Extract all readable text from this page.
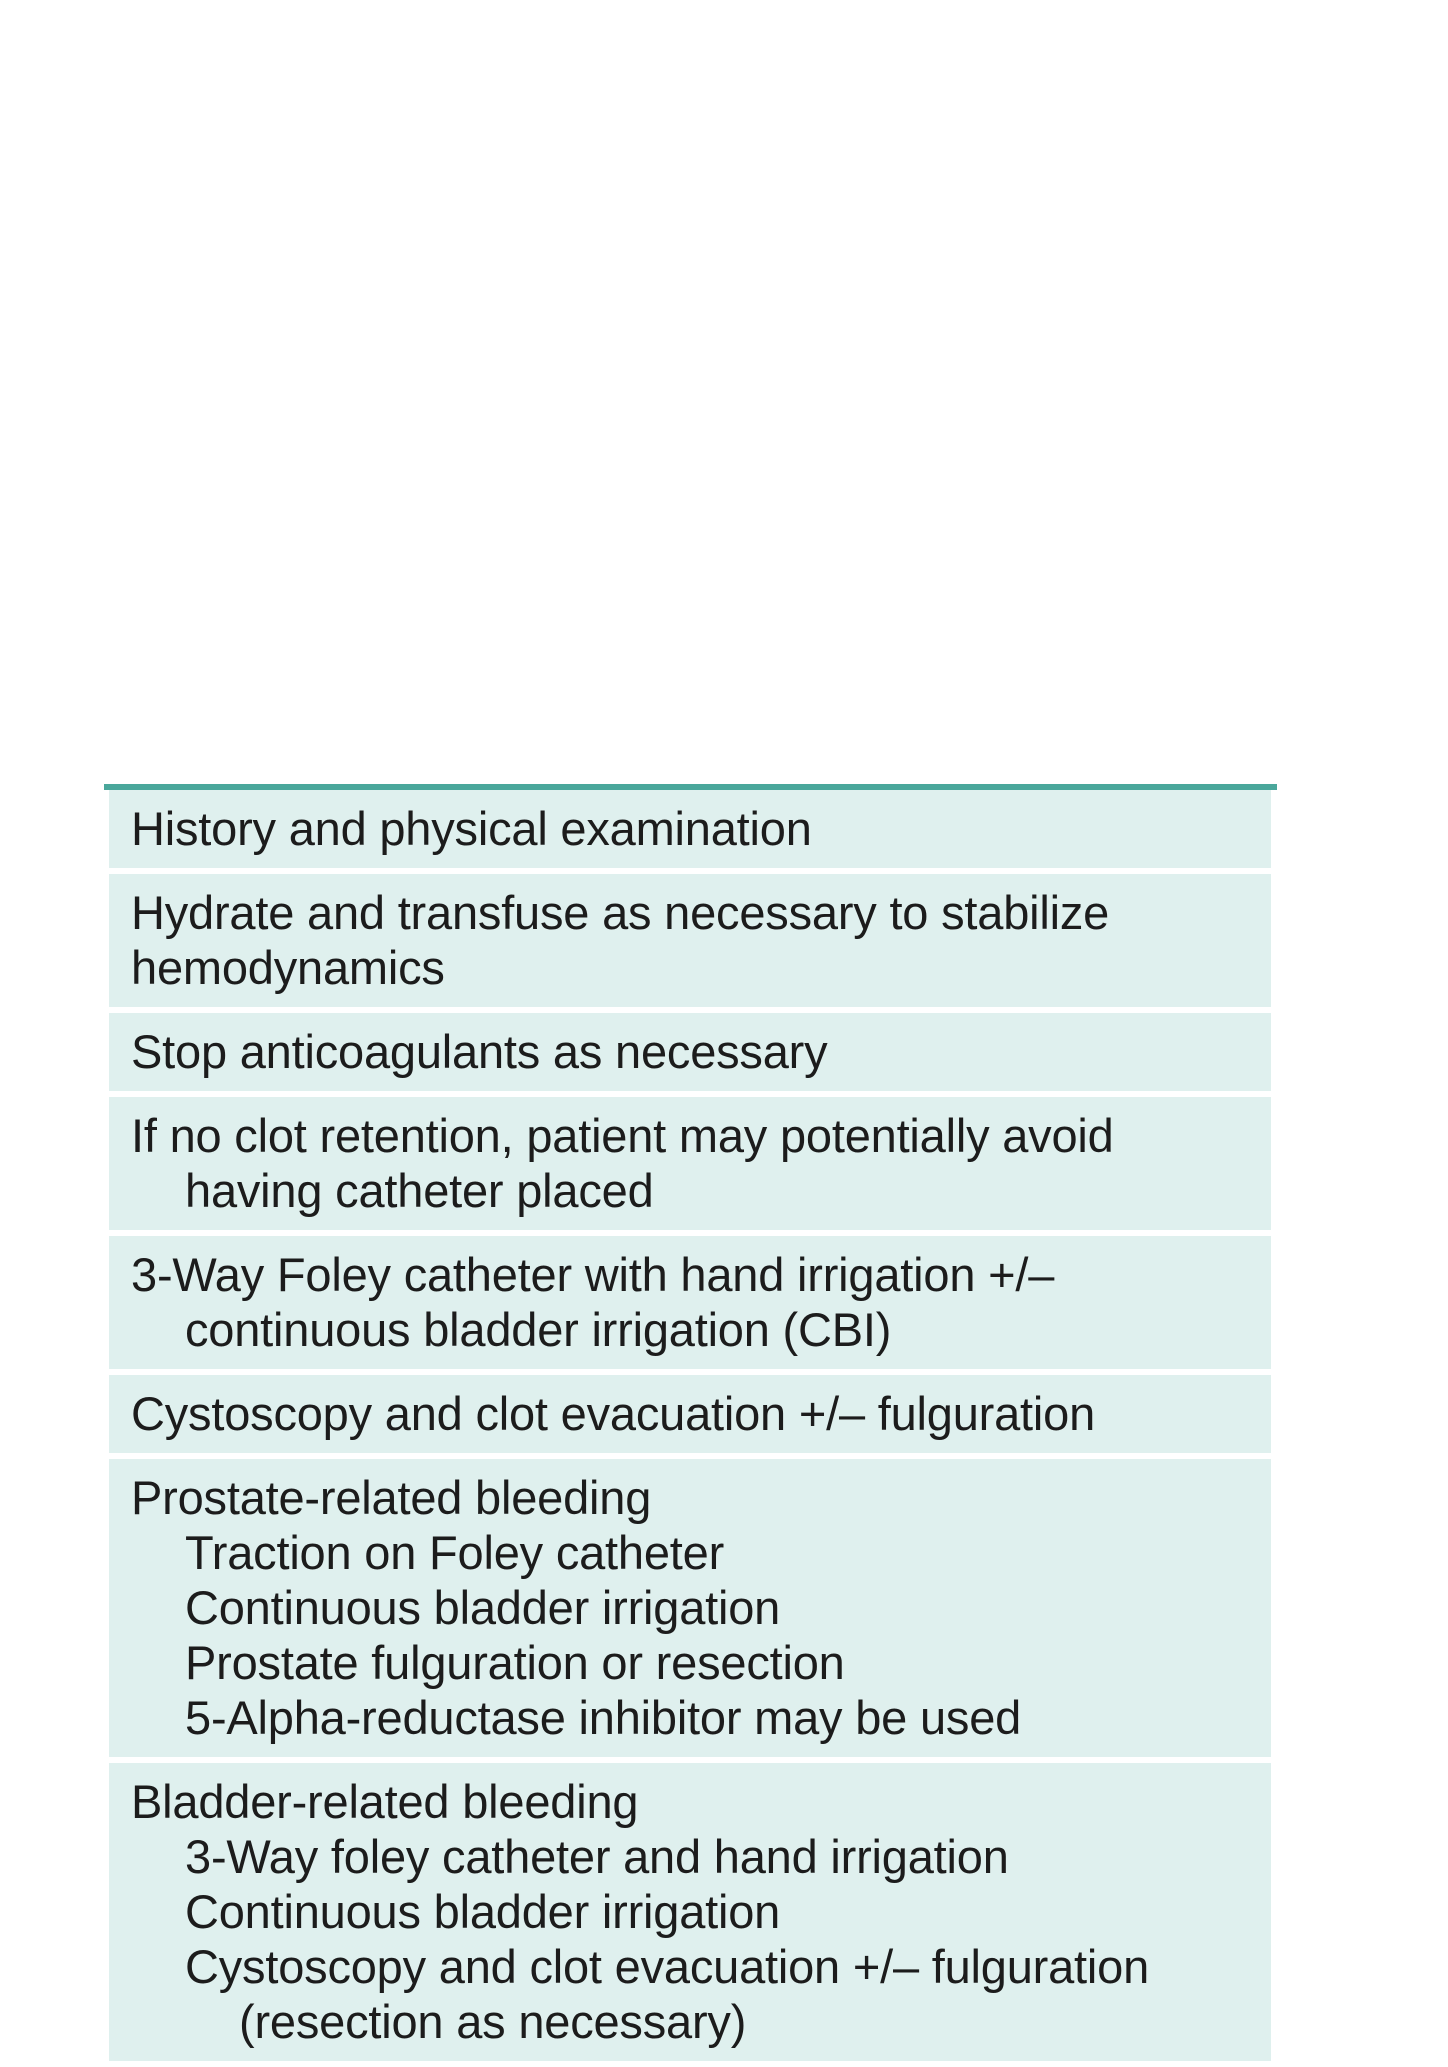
History and physical examination
Hydrate and transfuse as necessary to stabilize
hemodynamics
Stop anticoagulants as necessary
If no clot retention, patient may potentially avoid
having catheter placed
3-Way Foley catheter with hand irrigation +/–
continuous bladder irrigation (CBI)
Cystoscopy and clot evacuation +/– fulguration
Prostate-related bleeding
Traction on Foley catheter
Continuous bladder irrigation
Prostate fulguration or resection
5-Alpha-reductase inhibitor may be used
Bladder-related bleeding
3-Way foley catheter and hand irrigation
Continuous bladder irrigation
Cystoscopy and clot evacuation +/– fulguration
(resection as necessary)
